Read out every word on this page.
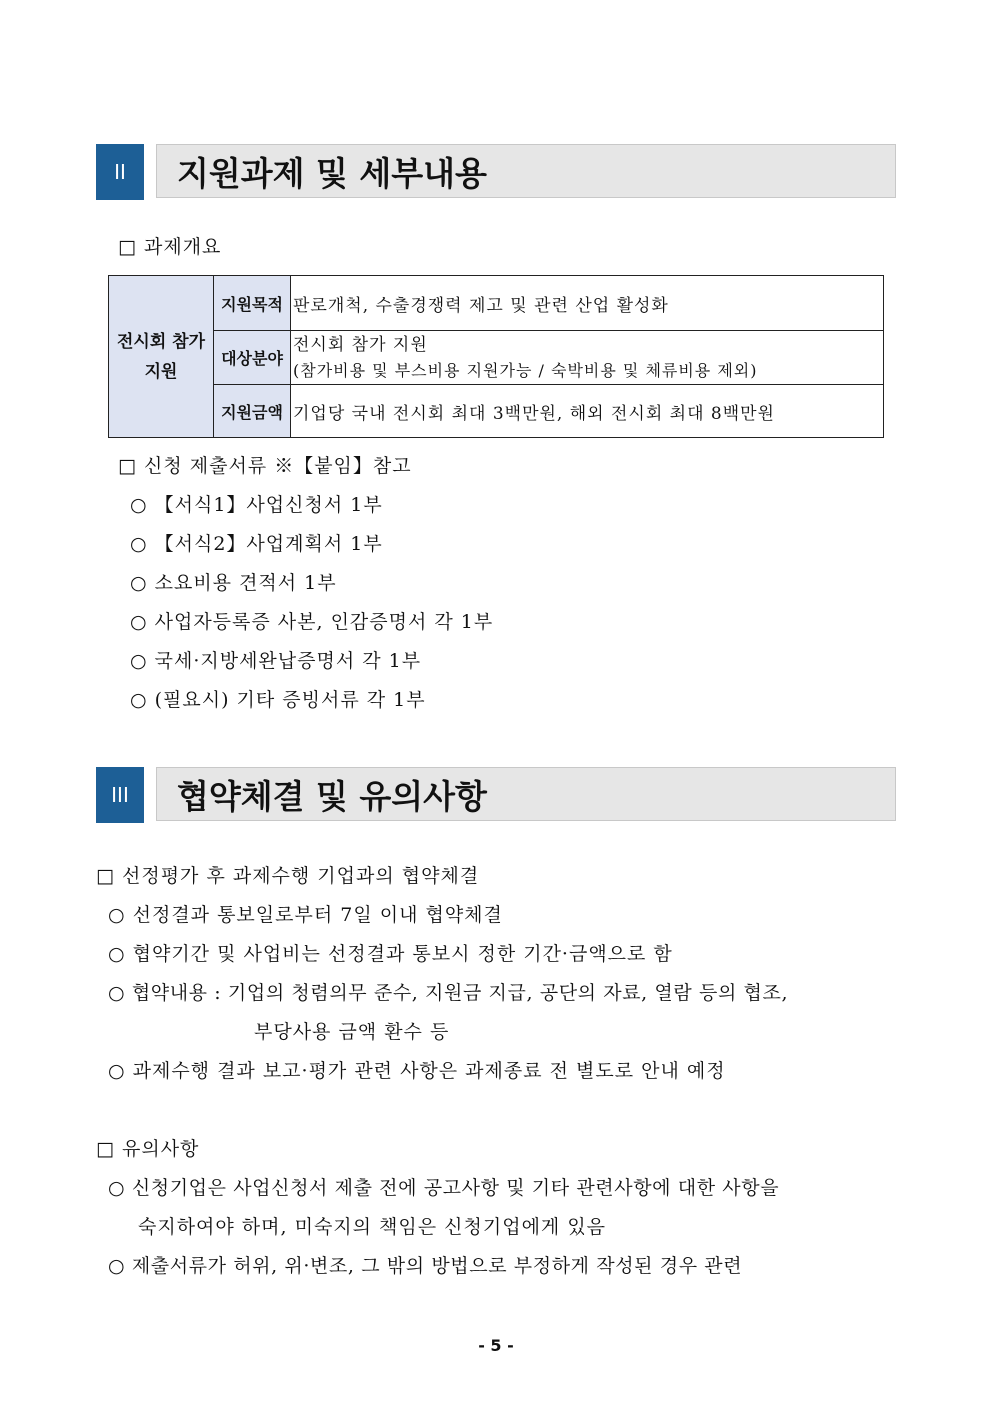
II	지원과제 및 세부내용
□ 과제개요
전시회 참가
지원	지원목적	판로개척, 수출경쟁력 제고 및 관련 산업 활성화
	대상분야	전시회 참가 지원
(참가비용 및 부스비용 지원가능 / 숙박비용 및 체류비용 제외)

	지원금액	기업당 국내 전시회 최대 3백만원, 해외 전시회 최대 8백만원
□ 신청 제출서류 ※【붙임】참고
○ 【서식1】사업신청서 1부
○ 【서식2】사업계획서 1부
○ 소요비용 견적서 1부
○ 사업자등록증 사본, 인감증명서 각 1부
○ 국세·지방세완납증명서 각 1부
○ (필요시) 기타 증빙서류 각 1부
III	협약체결 및 유의사항
□ 선정평가 후 과제수행 기업과의 협약체결
○ 선정결과 통보일로부터 7일 이내 협약체결
○ 협약기간 및 사업비는 선정결과 통보시 정한 기간·금액으로 함
○ 협약내용 : 기업의 청렴의무 준수, 지원금 지급, 공단의 자료, 열람 등의 협조,
부당사용 금액 환수 등
○ 과제수행 결과 보고·평가 관련 사항은 과제종료 전 별도로 안내 예정
□ 유의사항
○ 신청기업은 사업신청서 제출 전에 공고사항 및 기타 관련사항에 대한 사항을
숙지하여야 하며, 미숙지의 책임은 신청기업에게 있음
○ 제출서류가 허위, 위·변조, 그 밖의 방법으로 부정하게 작성된 경우 관련
- 5 -
